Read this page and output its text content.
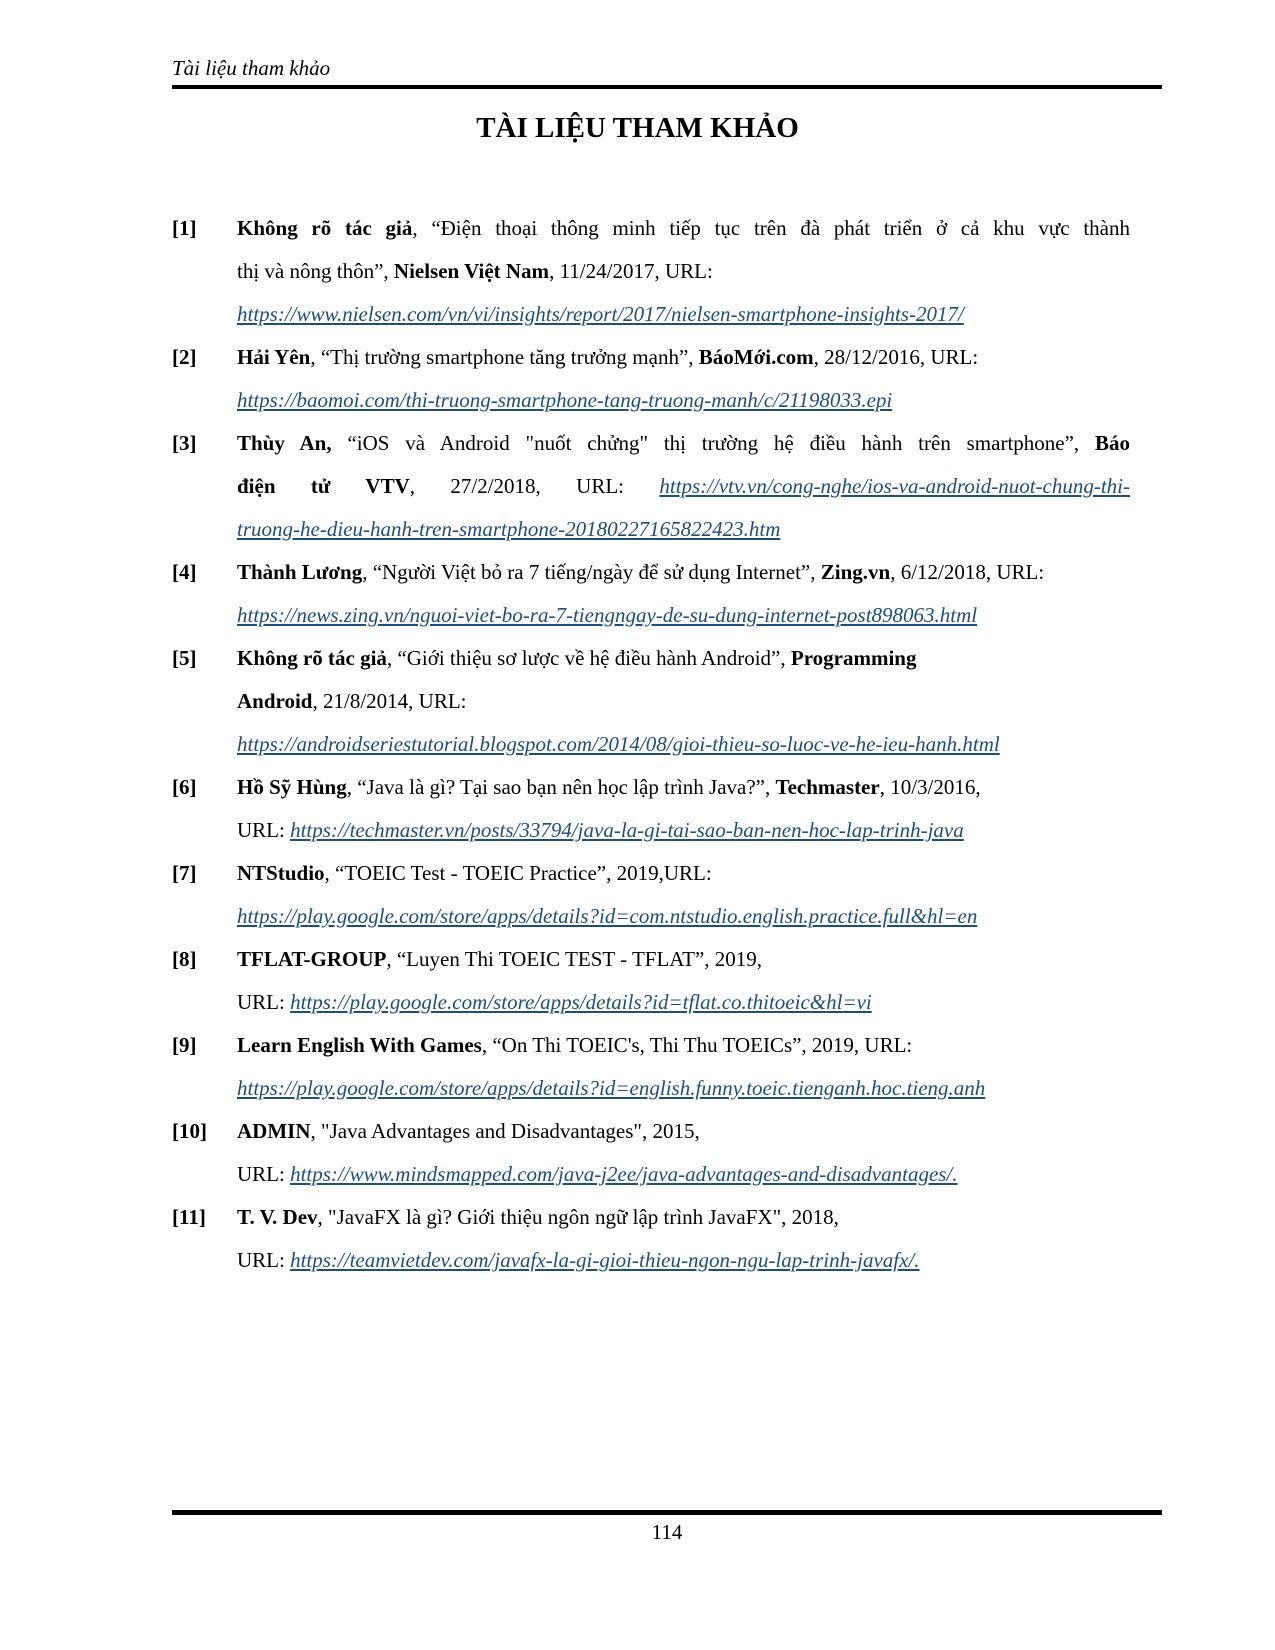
Tài liệu tham khảo
TÀI LIỆU THAM KHẢO
[1]	Không rõ tác giả, “Điện thoại thông minh tiếp tục trên đà phát triển ở cả khu vực thành
thị và nông thôn”, Nielsen Việt Nam, 11/24/2017, URL:
https://www.nielsen.com/vn/vi/insights/report/2017/nielsen-smartphone-insights-2017/
[2]	Hải Yên, “Thị trường smartphone tăng trưởng mạnh”, BáoMới.com, 28/12/2016, URL:
https://baomoi.com/thi-truong-smartphone-tang-truong-manh/c/21198033.epi
[3]	Thùy An, “iOS và Android "nuốt chửng" thị trường hệ điều hành trên smartphone”, Báo
điện tử VTV, 27/2/2018, URL: https://vtv.vn/cong-nghe/ios-va-android-nuot-chung-thi-
truong-he-dieu-hanh-tren-smartphone-20180227165822423.htm
[4]	Thành Lương, “Người Việt bỏ ra 7 tiếng/ngày để sử dụng Internet”, Zing.vn, 6/12/2018, URL:
https://news.zing.vn/nguoi-viet-bo-ra-7-tiengngay-de-su-dung-internet-post898063.html
[5]	Không rõ tác giả, “Giới thiệu sơ lược về hệ điều hành Android”, Programming
Android, 21/8/2014, URL:
https://androidseriestutorial.blogspot.com/2014/08/gioi-thieu-so-luoc-ve-he-ieu-hanh.html
[6]	Hồ Sỹ Hùng, “Java là gì? Tại sao bạn nên học lập trình Java?”, Techmaster, 10/3/2016,
URL: https://techmaster.vn/posts/33794/java-la-gi-tai-sao-ban-nen-hoc-lap-trinh-java
[7]	NTStudio, “TOEIC Test - TOEIC Practice”, 2019,URL:
https://play.google.com/store/apps/details?id=com.ntstudio.english.practice.full&hl=en
[8]	TFLAT-GROUP, “Luyen Thi TOEIC TEST - TFLAT”, 2019,
URL: https://play.google.com/store/apps/details?id=tflat.co.thitoeic&hl=vi
[9]	Learn English With Games, “On Thi TOEIC's, Thi Thu TOEICs”, 2019, URL:
https://play.google.com/store/apps/details?id=english.funny.toeic.tienganh.hoc.tieng.anh
[10]	ADMIN, "Java Advantages and Disadvantages", 2015,
URL: https://www.mindsmapped.com/java-j2ee/java-advantages-and-disadvantages/.
[11]	T. V. Dev, "JavaFX là gì? Giới thiệu ngôn ngữ lập trình JavaFX", 2018,
URL: https://teamvietdev.com/javafx-la-gi-gioi-thieu-ngon-ngu-lap-trinh-javafx/.
114
